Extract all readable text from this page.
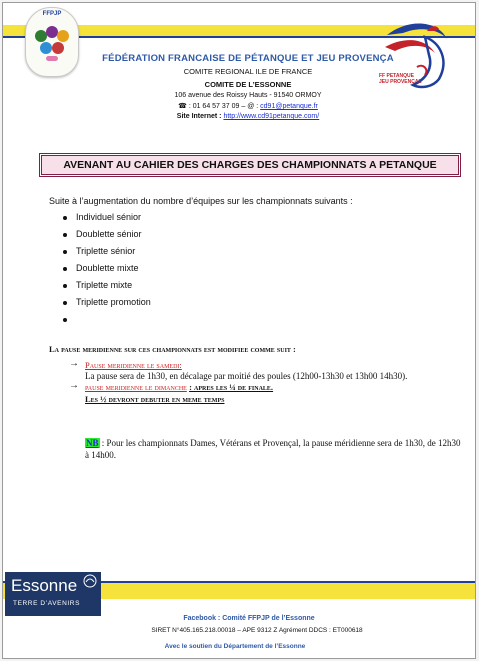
FFPJP
FÉDÉRATION FRANCAISE DE PÉTANQUE ET JEU PROVENÇA
COMITE REGIONAL ILE DE FRANCE
COMITE DE L’ESSONNE
106 avenue des Roissy Hauts - 91540 ORMOY
☎ : 01 64 57 37 09 – @ : cd91@petanque.fr
Site Internet : http://www.cd91petanque.com/
FF PETANQUE
JEU PROVENÇAL
AVENANT AU CAHIER DES CHARGES DES CHAMPIONNATS A PETANQUE
Suite à l’augmentation du nombre d’équipes sur les championnats suivants :
Individuel sénior
Doublette sénior
Triplette sénior
Doublette mixte
Triplette mixte
Triplette promotion
La pause meridienne sur ces championnats est modifiee comme suit :
→ Pause meridienne le samedi:
La pause sera de 1h30, en décalage par moitié des poules (12h00-13h30 et 13h00 14h30).
→ pause meridienne le dimanche : apres les ¼ de finale.
Les ½ devront debuter en meme temps
NB : Pour les championnats Dames, Vétérans et Provençal, la pause méridienne sera de 1h30, de 12h30 à 14h00.
Essonne
TERRE D’AVENIRS
Facebook : Comité FFPJP de l’Essonne
SIRET N°405.165.218.00018 – APE 9312 Z Agrément DDCS : ET000618
Avec le soutien du Département de l’Essonne
